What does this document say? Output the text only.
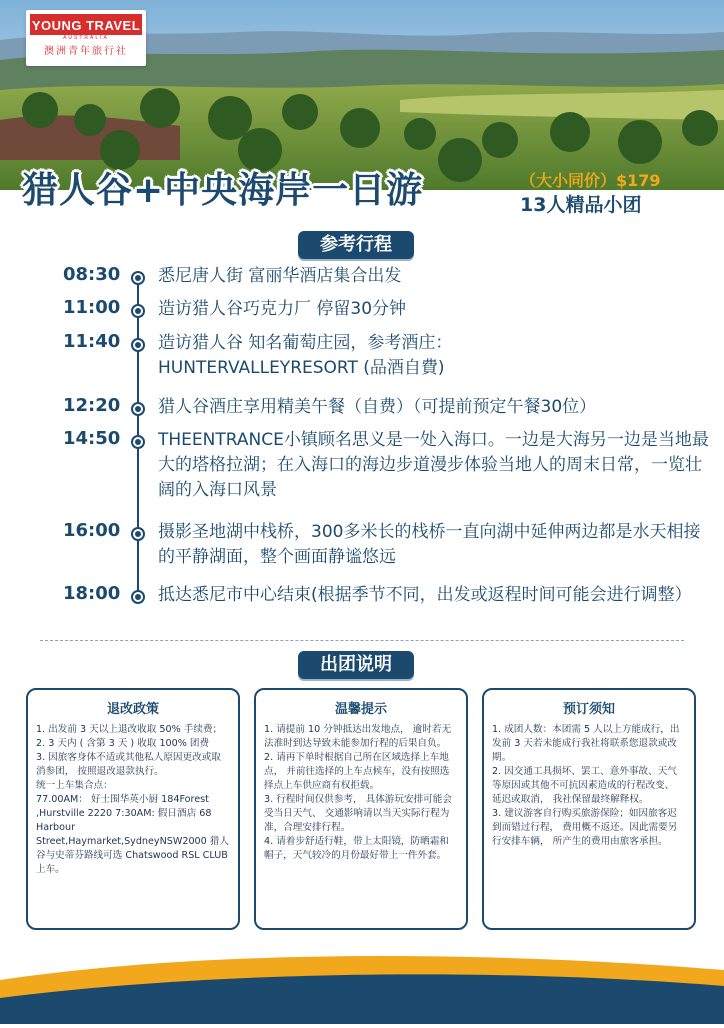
YOUNG TRAVEL
AUSTRALIA
澳洲青年旅行社
猎人谷+中央海岸一日游	（大小同价）$179
13人精品小团
参考行程
08:30	悉尼唐人街 富丽华酒店集合出发
11:00	造访猎人谷巧克力厂 停留30分钟
11:40	造访猎人谷 知名葡萄庄园，参考酒庄：HUNTERVALLEYRESORT (品酒自費)
12:20	猎人谷酒庄享用精美午餐（自费）（可提前预定午餐30位）
14:50	THEENTRANCE小镇顾名思义是一处入海口。一边是大海另一边是当地最大的塔格拉湖；在入海口的海边步道漫步体验当地人的周末日常，一览壮阔的入海口风景
16:00	摄影圣地湖中栈桥，300多米长的栈桥一直向湖中延伸两边都是水天相接的平静湖面，整个画面静谧悠远
18:00	抵达悉尼市中心结束(根据季节不同，出发或返程时间可能会进行调整）
出团说明
退改政策

1. 出发前 3 天以上退改收取 50% 手续费；

2. 3 天内 ( 含第 3 天 ) 收取 100% 团费

3. 因旅客身体不适或其他私人原因更改或取消参团， 按照退改退款执行。

统一上车集合点：

77.00AM： 好士围华英小厨 184Forest ,Hurstville 2220 7:30AM: 假日酒店 68 Harbour Street,Haymarket,SydneyNSW2000 猎人谷与史蒂芬路线可选 Chatswood RSL CLUB 上车。

温馨提示

1. 请提前 10 分钟抵达出发地点， 逾时若无法准时到达导致未能参加行程的后果自负。

2. 请再下单时根据自己所在区域选择上车地点， 并前往选择的上车点候车，没有按照选择点上车供应商有权拒载。

3. 行程时间仅供参考， 具体游玩安排可能会受当日天气、 交通影响请以当天实际行程为准，合理安排行程。

4. 请着步舒适行鞋，带上太阳镜，防晒霜和帽子，天气较冷的月份最好带上一件外套。

预订须知

1. 成团人数：本团需 5 人以上方能成行，出发前 3 天若未能成行我社将联系您退款或改期。

2. 因交通工具损坏、罢工、意外事故、天气等原因或其他不可抗因素造成的行程改变、 延迟或取消， 我社保留最终解释权。

3. 建议游客自行购买旅游保险；如因旅客迟到而错过行程， 费用概不返还。因此需要另行安排车辆， 所产生的费用由旅客承担。
